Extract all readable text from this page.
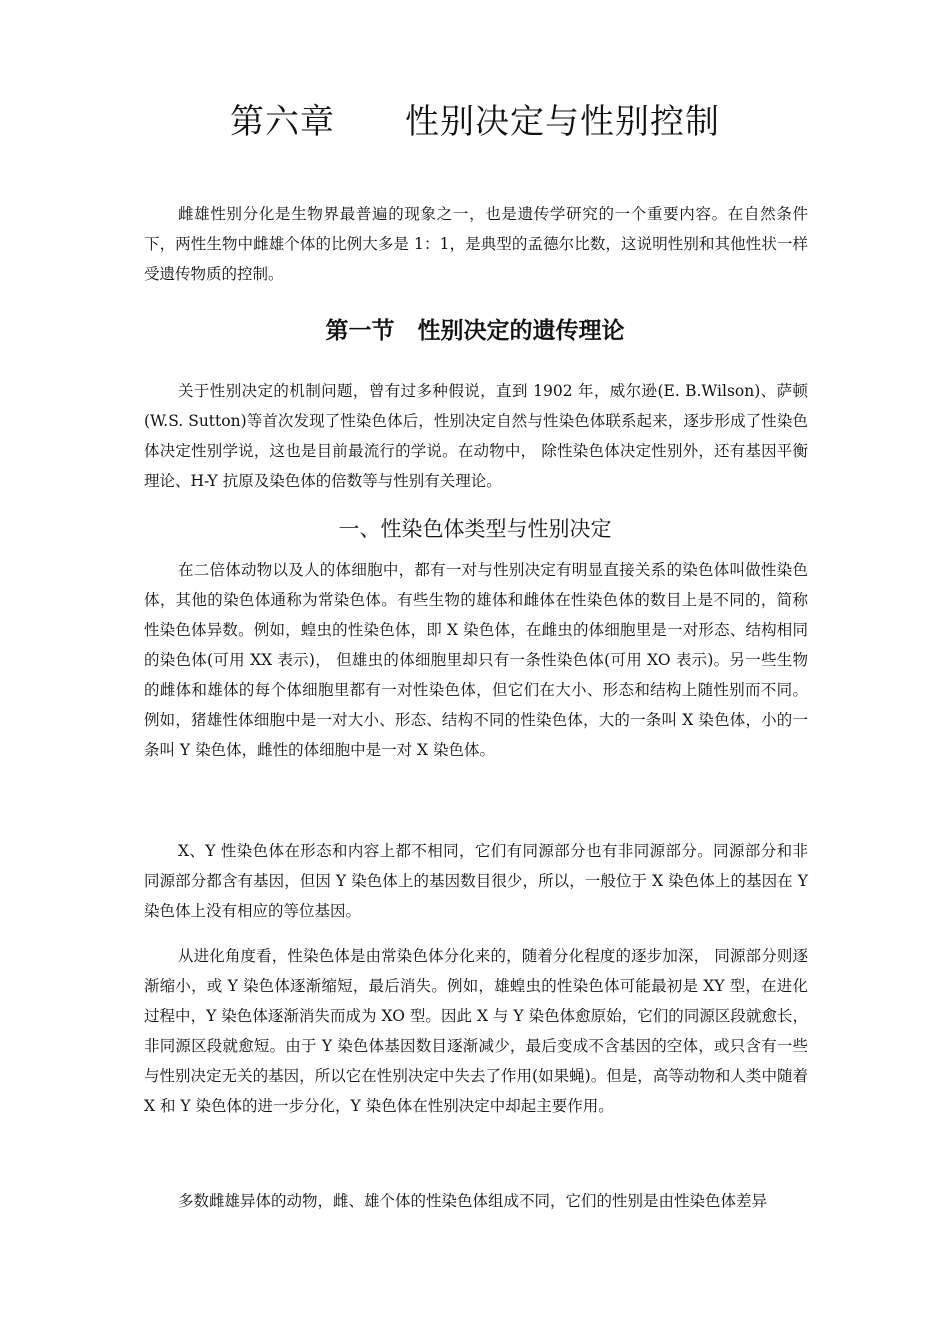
第六章　　性别决定与性别控制

雌雄性别分化是生物界最普遍的现象之一，也是遗传学研究的一个重要内容。在自然条件下，两性生物中雌雄个体的比例大多是 1：1，是典型的孟德尔比数，这说明性别和其他性状一样受遗传物质的控制。

第一节　性别决定的遗传理论

关于性别决定的机制问题，曾有过多种假说，直到 1902 年，威尔逊(E. B.Wilson)、萨顿(W.S. Sutton)等首次发现了性染色体后，性别决定自然与性染色体联系起来，逐步形成了性染色体决定性别学说，这也是目前最流行的学说。在动物中， 除性染色体决定性别外，还有基因平衡理论、H-Y 抗原及染色体的倍数等与性别有关理论。

一、性染色体类型与性别决定

在二倍体动物以及人的体细胞中，都有一对与性别决定有明显直接关系的染色体叫做性染色体，其他的染色体通称为常染色体。有些生物的雄体和雌体在性染色体的数目上是不同的，简称性染色体异数。例如，蝗虫的性染色体，即 X 染色体，在雌虫的体细胞里是一对形态、结构相同的染色体(可用 XX 表示)， 但雄虫的体细胞里却只有一条性染色体(可用 XO 表示)。另一些生物的雌体和雄体的每个体细胞里都有一对性染色体，但它们在大小、形态和结构上随性别而不同。例如，猪雄性体细胞中是一对大小、形态、结构不同的性染色体，大的一条叫 X 染色体，小的一条叫 Y 染色体，雌性的体细胞中是一对 X 染色体。

X、Y 性染色体在形态和内容上都不相同，它们有同源部分也有非同源部分。同源部分和非同源部分都含有基因，但因 Y 染色体上的基因数目很少，所以，一般位于 X 染色体上的基因在 Y 染色体上没有相应的等位基因。

从进化角度看，性染色体是由常染色体分化来的，随着分化程度的逐步加深， 同源部分则逐渐缩小，或 Y 染色体逐渐缩短，最后消失。例如，雄蝗虫的性染色体可能最初是 XY 型，在进化过程中，Y 染色体逐渐消失而成为 XO 型。因此 X 与 Y 染色体愈原始，它们的同源区段就愈长，非同源区段就愈短。由于 Y 染色体基因数目逐渐减少，最后变成不含基因的空体，或只含有一些与性别决定无关的基因，所以它在性别决定中失去了作用(如果蝇)。但是，高等动物和人类中随着 X 和 Y 染色体的进一步分化，Y 染色体在性别决定中却起主要作用。

多数雌雄异体的动物，雌、雄个体的性染色体组成不同，它们的性别是由性染色体差异
